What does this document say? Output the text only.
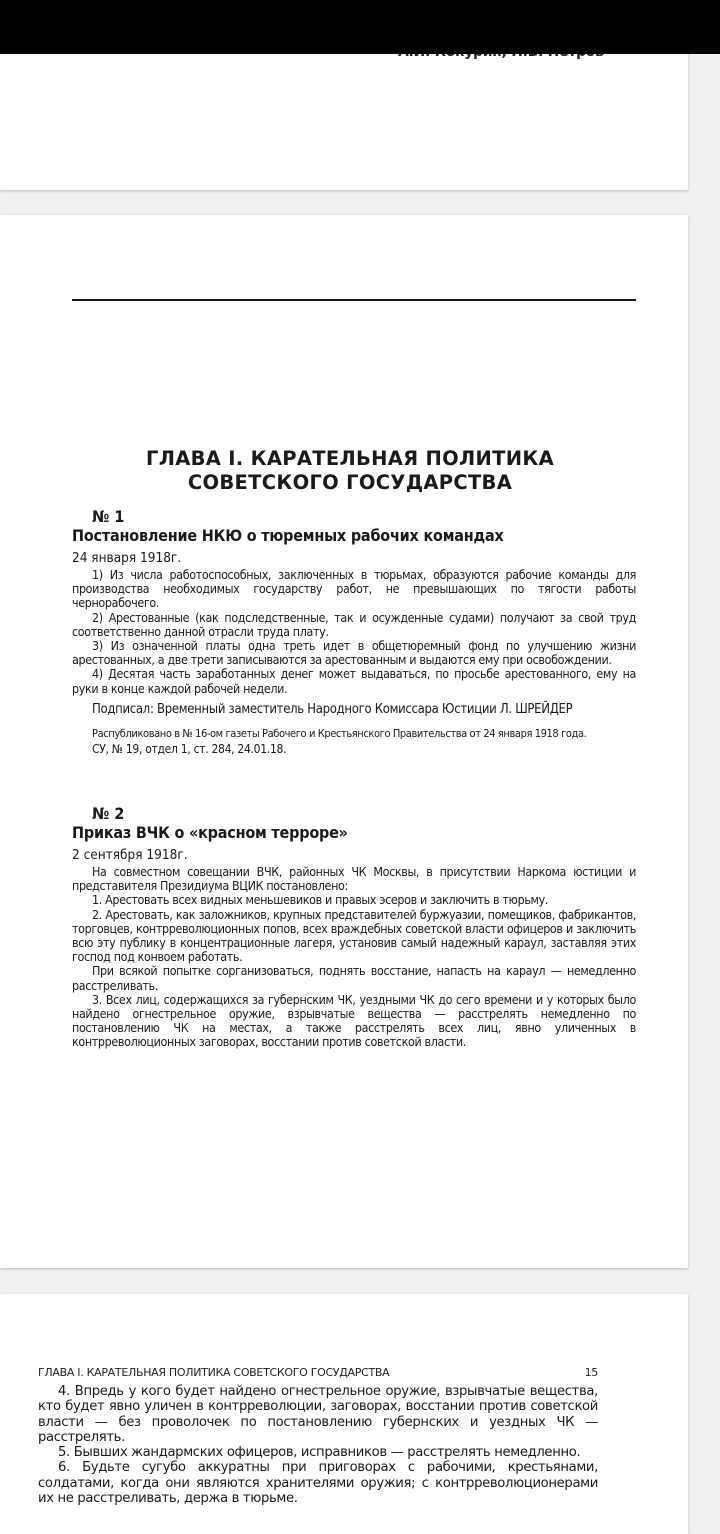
ГЛАВА I. КАРАТЕЛЬНАЯ ПОЛИТИКА
СОВЕТСКОГО ГОСУДАРСТВА
№ 1
Постановление НКЮ о тюремных рабочих командах
24 января 1918г.
1) Из числа работоспособных, заключенных в тюрьмах, образуются рабочие команды для производства необходимых государству работ, не превышающих по тягости работы чернорабочего.
2) Арестованные (как подследственные, так и осужденные судами) получают за свой труд соответственно данной отрасли труда плату.
3) Из означенной платы одна треть идет в общетюремный фонд по улучшению жизни арестованных, а две трети записываются за арестованным и выдаются ему при освобождении.
4) Десятая часть заработанных денег может выдаваться, по просьбе арестованного, ему на руки в конце каждой рабочей недели.
Подписал: Временный заместитель Народного Комиссара Юстиции Л. ШРЕЙДЕР
Распубликовано в № 16-ом газеты Рабочего и Крестьянского Правительства от 24 января 1918 года.
СУ, № 19, отдел 1, ст. 284, 24.01.18.
№ 2
Приказ ВЧК о «красном терроре»
2 сентября 1918г.
На совместном совещании ВЧК, районных ЧК Москвы, в присутствии Наркома юстиции и представителя Президиума ВЦИК постановлено:
1. Арестовать всех видных меньшевиков и правых эсеров и заключить в тюрьму.
2. Арестовать, как заложников, крупных представителей буржуазии, помещиков, фабрикантов, торговцев, контрреволюционных попов, всех враждебных советской власти офицеров и заключить всю эту публику в концентрационные лагеря, установив самый надежный караул, заставляя этих господ под конвоем работать.
При всякой попытке сорганизоваться, поднять восстание, напасть на караул — немедленно расстреливать.
3. Всех лиц, содержащихся за губернским ЧК, уездными ЧК до сего времени и у которых было найдено огнестрельное оружие, взрывчатые вещества — расстрелять немедленно по постановлению ЧК на местах, а также расстрелять всех лиц, явно уличенных в контрреволюционных заговорах, восстании против советской власти.
ГЛАВА I. КАРАТЕЛЬНАЯ ПОЛИТИКА СОВЕТСКОГО ГОСУДАРСТВА	15
4. Впредь у кого будет найдено огнестрельное оружие, взрывчатые вещества, кто будет явно уличен в контрреволюции, заговорах, восстании против советской власти — без проволочек по постановлению губернских и уездных ЧК — расстрелять.
5. Бывших жандармских офицеров, исправников — расстрелять немедленно.
6. Будьте сугубо аккуратны при приговорах с рабочими, крестьянами, солдатами, когда они являются хранителями оружия; с контрреволюционерами их не расстреливать, держа в тюрьме.
